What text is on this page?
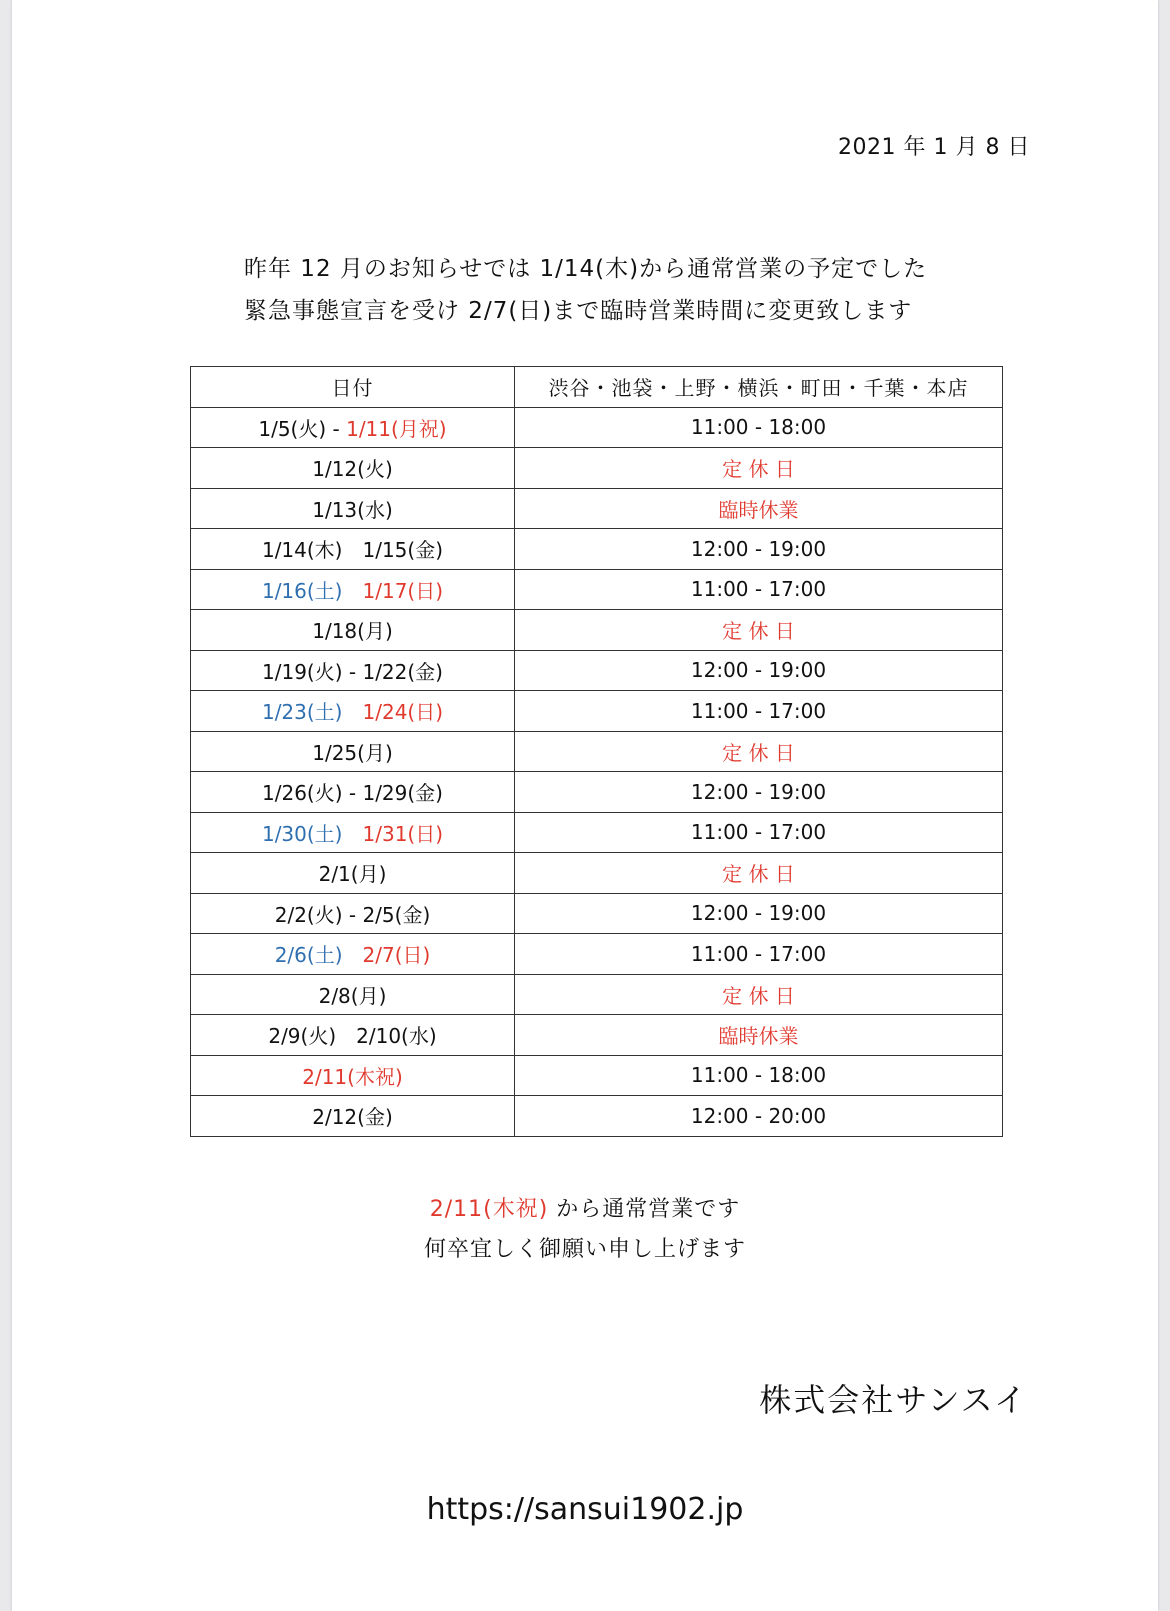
2021 年 1 月 8 日
昨年 12 月のお知らせでは 1/14(木)から通常営業の予定でした
緊急事態宣言を受け 2/7(日)まで臨時営業時間に変更致します
日付	渋谷・池袋・上野・横浜・町田・千葉・本店
1/5(火) - 1/11(月祝)	11:00 - 18:00
1/12(火)	定 休 日
1/13(水)	臨時休業
1/14(木)　1/15(金)	12:00 - 19:00
1/16(土)　 1/17(日)	11:00 - 17:00
1/18(月)	定 休 日
1/19(火) - 1/22(金)	12:00 - 19:00
1/23(土)　 1/24(日)	11:00 - 17:00
1/25(月)	定 休 日
1/26(火) - 1/29(金)	12:00 - 19:00
1/30(土)　 1/31(日)	11:00 - 17:00
2/1(月)	定 休 日
2/2(火) - 2/5(金)	12:00 - 19:00
2/6(土)　 2/7(日)	11:00 - 17:00
2/8(月)	定 休 日
2/9(火)　2/10(水)	臨時休業
2/11(木祝)	11:00 - 18:00
2/12(金)	12:00 - 20:00
2/11(木祝) から通常営業です
何卒宜しく御願い申し上げます
株式会社サンスイ
https://sansui1902.jp
